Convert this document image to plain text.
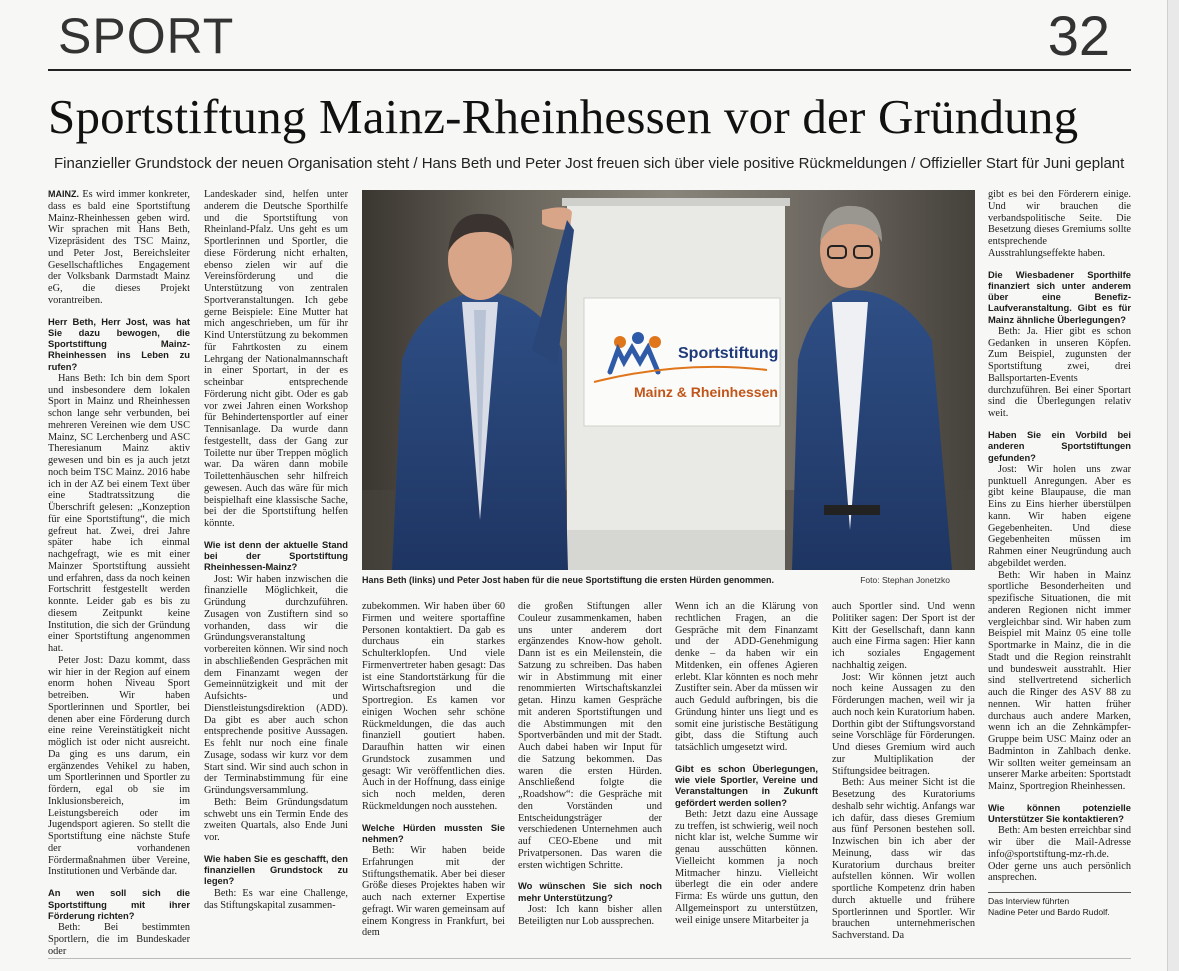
SPORT	32
Sportstiftung Mainz-Rheinhessen vor der Gründung
Finanzieller Grundstock der neuen Organisation steht / Hans Beth und Peter Jost freuen sich über viele positive Rückmeldungen / Offizieller Start für Juni geplant

MAINZ. Es wird immer konkreter, dass es bald eine Sportstiftung Mainz-Rheinhessen geben wird. Wir sprachen mit Hans Beth, Vizepräsident des TSC Mainz, und Peter Jost, Bereichsleiter Gesellschaftliches Engagement der Volksbank Darmstadt Mainz eG, die dieses Projekt vorantreiben.

Herr Beth, Herr Jost, was hat Sie dazu bewogen, die Sportstiftung Mainz-Rheinhessen ins Leben zu rufen?

Hans Beth: Ich bin dem Sport und insbesondere dem lokalen Sport in Mainz und Rheinhessen schon lange sehr verbunden, bei mehreren Vereinen wie dem USC Mainz, SC Lerchenberg und ASC Theresianum Mainz aktiv gewesen und bin es ja auch jetzt noch beim TSC Mainz. 2016 habe ich in der AZ bei einem Text über eine Stadtratssitzung die Überschrift gelesen: „Konzeption für eine Sportstiftung“, die mich gefreut hat. Zwei, drei Jahre später habe ich einmal nachgefragt, wie es mit einer Mainzer Sportstiftung aussieht und erfahren, dass da noch keinen Fortschritt festgestellt werden konnte. Leider gab es bis zu diesem Zeitpunkt keine Institution, die sich der Gründung einer Sportstiftung angenommen hat.

Peter Jost: Dazu kommt, dass wir hier in der Region auf einem enorm hohen Niveau Sport betreiben. Wir haben Sportlerinnen und Sportler, bei denen aber eine Förderung durch eine reine Vereinstätigkeit nicht möglich ist oder nicht ausreicht. Da ging es uns darum, ein ergänzendes Vehikel zu haben, um Sportlerinnen und Sportler zu fördern, egal ob sie im Inklusionsbereich, im Leistungsbereich oder im Jugendsport agieren. So stellt die Sportstiftung eine nächste Stufe der vorhandenen Fördermaßnahmen über Vereine, Institutionen und Verbände dar.

An wen soll sich die Sportstiftung mit ihrer Förderung richten?

Beth: Bei bestimmten Sportlern, die im Bundeskader oder

Landeskader sind, helfen unter anderem die Deutsche Sporthilfe und die Sportstiftung von Rheinland-Pfalz. Uns geht es um Sportlerinnen und Sportler, die diese Förderung nicht erhalten, ebenso zielen wir auf die Vereinsförderung und die Unterstützung von zentralen Sportveranstaltungen. Ich gebe gerne Beispiele: Eine Mutter hat mich angeschrieben, um für ihr Kind Unterstützung zu bekommen für Fahrtkosten zu einem Lehrgang der Nationalmannschaft in einer Sportart, in der es scheinbar entsprechende Förderung nicht gibt. Oder es gab vor zwei Jahren einen Workshop für Behindertensportler auf einer Tennisanlage. Da wurde dann festgestellt, dass der Gang zur Toilette nur über Treppen möglich war. Da wären dann mobile Toilettenhäuschen sehr hilfreich gewesen. Auch das wäre für mich beispielhaft eine klassische Sache, bei der die Sportstiftung helfen könnte.

Wie ist denn der aktuelle Stand bei der Sportstiftung Rheinhessen-Mainz?

Jost: Wir haben inzwischen die finanzielle Möglichkeit, die Gründung durchzuführen. Zusagen von Zustiftern sind so vorhanden, dass wir die Gründungsveranstaltung vorbereiten können. Wir sind noch in abschließenden Gesprächen mit dem Finanzamt wegen der Gemeinnützigkeit und mit der Aufsichts- und Dienstleistungsdirektion (ADD). Da gibt es aber auch schon entsprechende positive Aussagen. Es fehlt nur noch eine finale Zusage, sodass wir kurz vor dem Start sind. Wir sind auch schon in der Terminabstimmung für eine Gründungsversammlung.

Beth: Beim Gründungsdatum schwebt uns ein Termin Ende des zweiten Quartals, also Ende Juni vor.

Wie haben Sie es geschafft, den finanziellen Grundstock zu legen?

Beth: Es war eine Challenge, das Stiftungskapital zusammen-

Sportstiftung
Mainz & Rheinhessen
Hans Beth (links) und Peter Jost haben für die neue Sportstiftung die ersten Hürden genommen.	Foto: Stephan Jonetzko

zubekommen. Wir haben über 60 Firmen und weitere sportaffine Personen kontaktiert. Da gab es durchaus ein starkes Schulterklopfen. Und viele Firmenvertreter haben gesagt: Das ist eine Standortstärkung für die Wirtschaftsregion und die Sportregion. Es kamen vor einigen Wochen sehr schöne Rückmeldungen, die das auch finanziell goutiert haben. Daraufhin hatten wir einen Grundstock zusammen und gesagt: Wir veröffentlichen dies. Auch in der Hoffnung, dass einige sich noch melden, deren Rückmeldungen noch ausstehen.

Welche Hürden mussten Sie nehmen?

Beth: Wir haben beide Erfahrungen mit der Stiftungsthematik. Aber bei dieser Größe dieses Projektes haben wir auch nach externer Expertise gefragt. Wir waren gemeinsam auf einem Kongress in Frankfurt, bei dem

die großen Stiftungen aller Couleur zusammenkamen, haben uns unter anderem dort ergänzendes Know-how geholt. Dann ist es ein Meilenstein, die Satzung zu schreiben. Das haben wir in Abstimmung mit einer renommierten Wirtschaftskanzlei getan. Hinzu kamen Gespräche mit anderen Sportstiftungen und die Abstimmungen mit den Sportverbänden und mit der Stadt. Auch dabei haben wir Input für die Satzung bekommen. Das waren die ersten Hürden. Anschließend folgte die „Roadshow“: die Gespräche mit den Vorständen und Entscheidungsträger der verschiedenen Unternehmen auch auf CEO-Ebene und mit Privatpersonen. Das waren die ersten wichtigen Schritte.

Wo wünschen Sie sich noch mehr Unterstützung?

Jost: Ich kann bisher allen Beteiligten nur Lob aussprechen.

Wenn ich an die Klärung von rechtlichen Fragen, an die Gespräche mit dem Finanzamt und der ADD-Genehmigung denke – da haben wir ein Mitdenken, ein offenes Agieren erlebt. Klar könnten es noch mehr Zustifter sein. Aber da müssen wir auch Geduld aufbringen, bis die Gründung hinter uns liegt und es somit eine juristische Bestätigung gibt, dass die Stiftung auch tatsächlich umgesetzt wird.

Gibt es schon Überlegungen, wie viele Sportler, Vereine und Veranstaltungen in Zukunft gefördert werden sollen?

Beth: Jetzt dazu eine Aussage zu treffen, ist schwierig, weil noch nicht klar ist, welche Summe wir genau ausschütten können. Vielleicht kommen ja noch Mitmacher hinzu. Vielleicht überlegt die ein oder andere Firma: Es würde uns guttun, den Allgemeinsport zu unterstützen, weil einige unsere Mitarbeiter ja

auch Sportler sind. Und wenn Politiker sagen: Der Sport ist der Kitt der Gesellschaft, dann kann auch eine Firma sagen: Hier kann ich soziales Engagement nachhaltig zeigen.

Jost: Wir können jetzt auch noch keine Aussagen zu den Förderungen machen, weil wir ja auch noch kein Kuratorium haben. Dorthin gibt der Stiftungsvorstand seine Vorschläge für Förderungen. Und dieses Gremium wird auch zur Multiplikation der Stiftungsidee beitragen.

Beth: Aus meiner Sicht ist die Besetzung des Kuratoriums deshalb sehr wichtig. Anfangs war ich dafür, dass dieses Gremium aus fünf Personen bestehen soll. Inzwischen bin ich aber der Meinung, dass wir das Kuratorium durchaus breiter aufstellen können. Wir wollen sportliche Kompetenz drin haben durch aktuelle und frühere Sportlerinnen und Sportler. Wir brauchen unternehmerischen Sachverstand. Da

gibt es bei den Förderern einige. Und wir brauchen die verbandspolitische Seite. Die Besetzung dieses Gremiums sollte entsprechende Ausstrahlungseffekte haben.

Die Wiesbadener Sporthilfe finanziert sich unter anderem über eine Benefiz-Laufveranstaltung. Gibt es für Mainz ähnliche Überlegungen?

Beth: Ja. Hier gibt es schon Gedanken in unseren Köpfen. Zum Beispiel, zugunsten der Sportstiftung zwei, drei Ballsportarten-Events durchzuführen. Bei einer Sportart sind die Überlegungen relativ weit.

Haben Sie ein Vorbild bei anderen Sportstiftungen gefunden?

Jost: Wir holen uns zwar punktuell Anregungen. Aber es gibt keine Blaupause, die man Eins zu Eins hierher überstülpen kann. Wir haben eigene Gegebenheiten. Und diese Gegebenheiten müssen im Rahmen einer Neugründung auch abgebildet werden.

Beth: Wir haben in Mainz sportliche Besonderheiten und spezifische Situationen, die mit anderen Regionen nicht immer vergleichbar sind. Wir haben zum Beispiel mit Mainz 05 eine tolle Sportmarke in Mainz, die in die Stadt und die Region reinstrahlt und bundesweit ausstrahlt. Hier sind stellvertretend sicherlich auch die Ringer des ASV 88 zu nennen. Wir hatten früher durchaus auch andere Marken, wenn ich an die Zehnkämpfer-Gruppe beim USC Mainz oder an Badminton in Zahlbach denke. Wir sollten weiter gemeinsam an unserer Marke arbeiten: Sportstadt Mainz, Sportregion Rheinhessen.

Wie können potenzielle Unterstützer Sie kontaktieren?

Beth: Am besten erreichbar sind wir über die Mail-Adresse info@sportstiftung-mz-rh.de. Oder gerne uns auch persönlich ansprechen.

Das Interview führten
Nadine Peter und Bardo Rudolf.
